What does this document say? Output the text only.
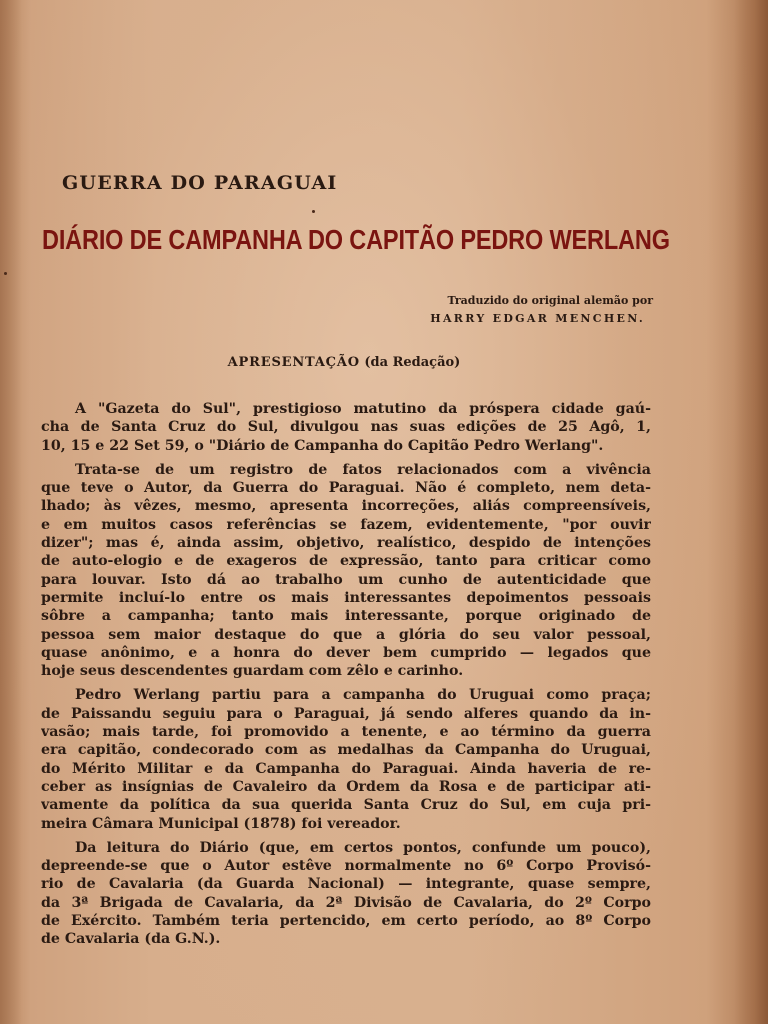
GUERRA DO PARAGUAI
DIÁRIO DE CAMPANHA DO CAPITÃO PEDRO WERLANG
Traduzido do original alemão por
HARRY EDGAR MENCHEN.
APRESENTAÇÃO (da Redação)
A "Gazeta do Sul", prestigioso matutino da próspera cidade gaú-
cha de Santa Cruz do Sul, divulgou nas suas edições de 25 Agô, 1,
10, 15 e 22 Set 59, o "Diário de Campanha do Capitão Pedro Werlang".
Trata-se de um registro de fatos relacionados com a vivência
que teve o Autor, da Guerra do Paraguai. Não é completo, nem deta-
lhado; às vêzes, mesmo, apresenta incorreções, aliás compreensíveis,
e em muitos casos referências se fazem, evidentemente, "por ouvir
dizer"; mas é, ainda assim, objetivo, realístico, despido de intenções
de auto-elogio e de exageros de expressão, tanto para criticar como
para louvar. Isto dá ao trabalho um cunho de autenticidade que
permite incluí-lo entre os mais interessantes depoimentos pessoais
sôbre a campanha; tanto mais interessante, porque originado de
pessoa sem maior destaque do que a glória do seu valor pessoal,
quase anônimo, e a honra do dever bem cumprido — legados que
hoje seus descendentes guardam com zêlo e carinho.
Pedro Werlang partiu para a campanha do Uruguai como praça;
de Paissandu seguiu para o Paraguai, já sendo alferes quando da in-
vasão; mais tarde, foi promovido a tenente, e ao término da guerra
era capitão, condecorado com as medalhas da Campanha do Uruguai,
do Mérito Militar e da Campanha do Paraguai. Ainda haveria de re-
ceber as insígnias de Cavaleiro da Ordem da Rosa e de participar ati-
vamente da política da sua querida Santa Cruz do Sul, em cuja pri-
meira Câmara Municipal (1878) foi vereador.
Da leitura do Diário (que, em certos pontos, confunde um pouco),
depreende-se que o Autor estêve normalmente no 6º Corpo Provisó-
rio de Cavalaria (da Guarda Nacional) — integrante, quase sempre,
da 3ª Brigada de Cavalaria, da 2ª Divisão de Cavalaria, do 2º Corpo
de Exército. Também teria pertencido, em certo período, ao 8º Corpo
de Cavalaria (da G.N.).
